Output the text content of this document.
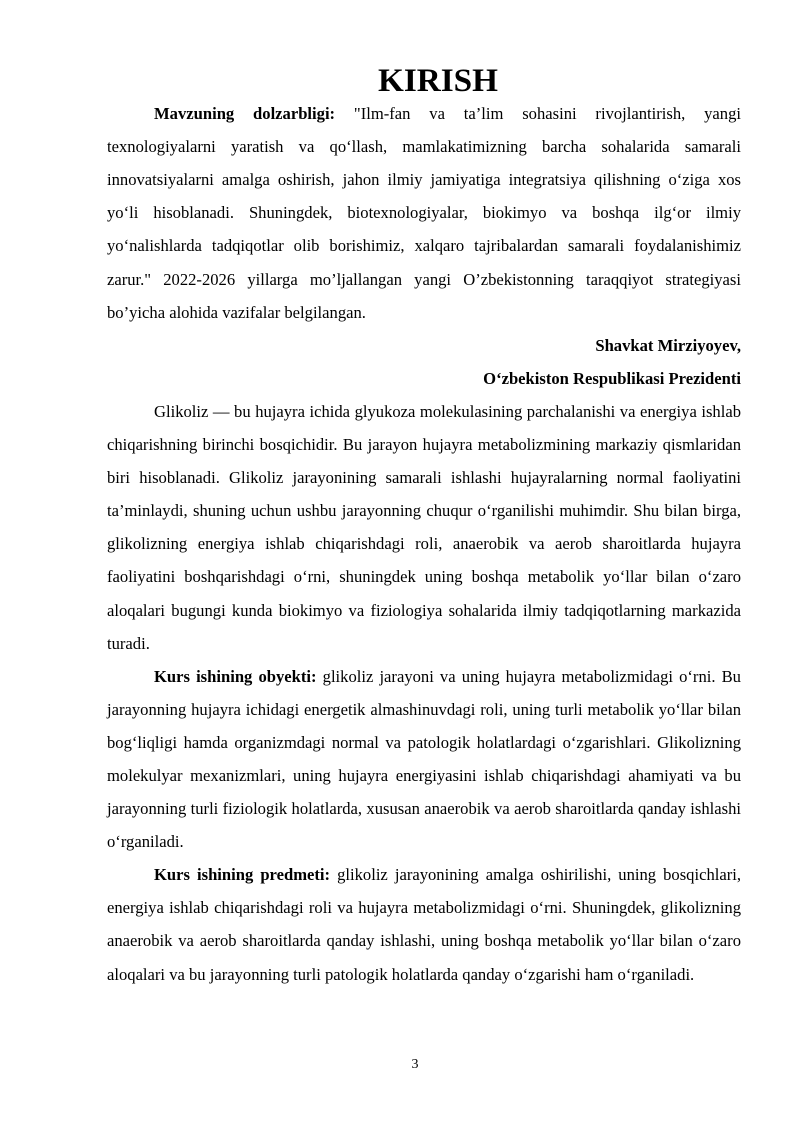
KIRISH

Mavzuning dolzarbligi: "Ilm-fan va ta’lim sohasini rivojlantirish, yangi texnologiyalarni yaratish va qo‘llash, mamlakatimizning barcha sohalarida samarali innovatsiyalarni amalga oshirish, jahon ilmiy jamiyatiga integratsiya qilishning o‘ziga xos yo‘li hisoblanadi. Shuningdek, biotexnologiyalar, biokimyo va boshqa ilg‘or ilmiy yo‘nalishlarda tadqiqotlar olib borishimiz, xalqaro tajribalardan samarali foydalanishimiz zarur." 2022-2026 yillarga mo’ljallangan yangi O’zbekistonning taraqqiyot strategiyasi bo’yicha alohida vazifalar belgilangan.

Shavkat Mirziyoyev,
O‘zbekiston Respublikasi Prezidenti

Glikoliz — bu hujayra ichida glyukoza molekulasining parchalanishi va energiya ishlab chiqarishning birinchi bosqichidir. Bu jarayon hujayra metabolizmining markaziy qismlaridan biri hisoblanadi. Glikoliz jarayonining samarali ishlashi hujayralarning normal faoliyatini ta’minlaydi, shuning uchun ushbu jarayonning chuqur o‘rganilishi muhimdir. Shu bilan birga, glikolizning energiya ishlab chiqarishdagi roli, anaerobik va aerob sharoitlarda hujayra faoliyatini boshqarishdagi o‘rni, shuningdek uning boshqa metabolik yo‘llar bilan o‘zaro aloqalari bugungi kunda biokimyo va fiziologiya sohalarida ilmiy tadqiqotlarning markazida turadi.

Kurs ishining obyekti: glikoliz jarayoni va uning hujayra metabolizmidagi o‘rni. Bu jarayonning hujayra ichidagi energetik almashinuvdagi roli, uning turli metabolik yo‘llar bilan bog‘liqligi hamda organizmdagi normal va patologik holatlardagi o‘zgarishlari. Glikolizning molekulyar mexanizmlari, uning hujayra energiyasini ishlab chiqarishdagi ahamiyati va bu jarayonning turli fiziologik holatlarda, xususan anaerobik va aerob sharoitlarda qanday ishlashi o‘rganiladi.

Kurs ishining predmeti: glikoliz jarayonining amalga oshirilishi, uning bosqichlari, energiya ishlab chiqarishdagi roli va hujayra metabolizmidagi o‘rni. Shuningdek, glikolizning anaerobik va aerob sharoitlarda qanday ishlashi, uning boshqa metabolik yo‘llar bilan o‘zaro aloqalari va bu jarayonning turli patologik holatlarda qanday o‘zgarishi ham o‘rganiladi.

3
